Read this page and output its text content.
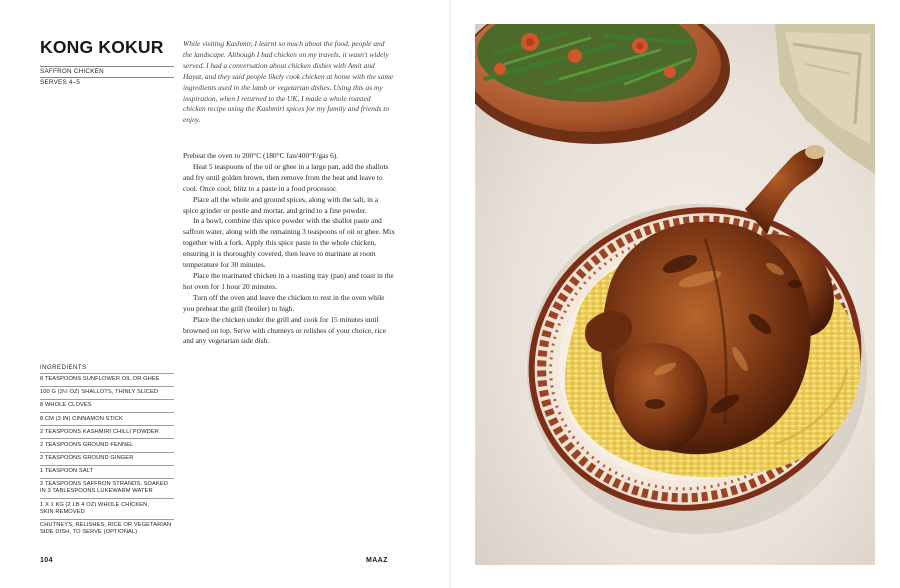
KONG KOKUR
SAFFRON CHICKEN
SERVES 4–5
While visiting Kashmir, I learnt so much about the food, people and the landscape. Although I had chicken on my travels, it wasn't widely served. I had a conversation about chicken dishes with Amit and Hayat, and they said people likely cook chicken at home with the same ingredients used in the lamb or vegetarian dishes. Using this as my inspiration, when I returned to the UK, I made a whole roasted chicken recipe using the Kashmiri spices for my family and friends to enjoy.

Preheat the oven to 200°C (180°C fan/400°F/gas 6).

Heat 5 teaspoons of the oil or ghee in a large pan, add the shallots and fry until golden brown, then remove from the heat and leave to cool. Once cool, blitz to a paste in a food processor.

Place all the whole and ground spices, along with the salt, in a spice grinder or pestle and mortar, and grind to a fine powder.

In a bowl, combine this spice powder with the shallot paste and saffron water, along with the remaining 3 teaspoons of oil or ghee. Mix together with a fork. Apply this spice paste to the whole chicken, ensuring it is thoroughly covered, then leave to marinate at room temperature for 30 minutes.

Place the marinated chicken in a roasting tray (pan) and roast in the hot oven for 1 hour 20 minutes.

Turn off the oven and leave the chicken to rest in the oven while you preheat the grill (broiler) to high.

Place the chicken under the grill and cook for 15 minutes until browned on top. Serve with chutneys or relishes of your choice, rice and any vegetarian side dish.

INGREDIENTS
8 TEASPOONS SUNFLOWER OIL OR GHEE
100 G (3½ OZ) SHALLOTS, THINLY SLICED
8 WHOLE CLOVES
8 CM (3 IN) CINNAMON STICK
2 TEASPOONS KASHMIRI CHILLI POWDER
2 TEASPOONS GROUND FENNEL
2 TEASPOONS GROUND GINGER
1 TEASPOON SALT
2 TEASPOONS SAFFRON STRANDS, SOAKED
IN 3 TABLESPOONS LUKEWARM WATER
1 X 1 KG (2 LB 4 OZ) WHOLE CHICKEN,
SKIN REMOVED
CHUTNEYS, RELISHES, RICE OR VEGETARIAN
SIDE DISH, TO SERVE (OPTIONAL)
104	MAAZ
